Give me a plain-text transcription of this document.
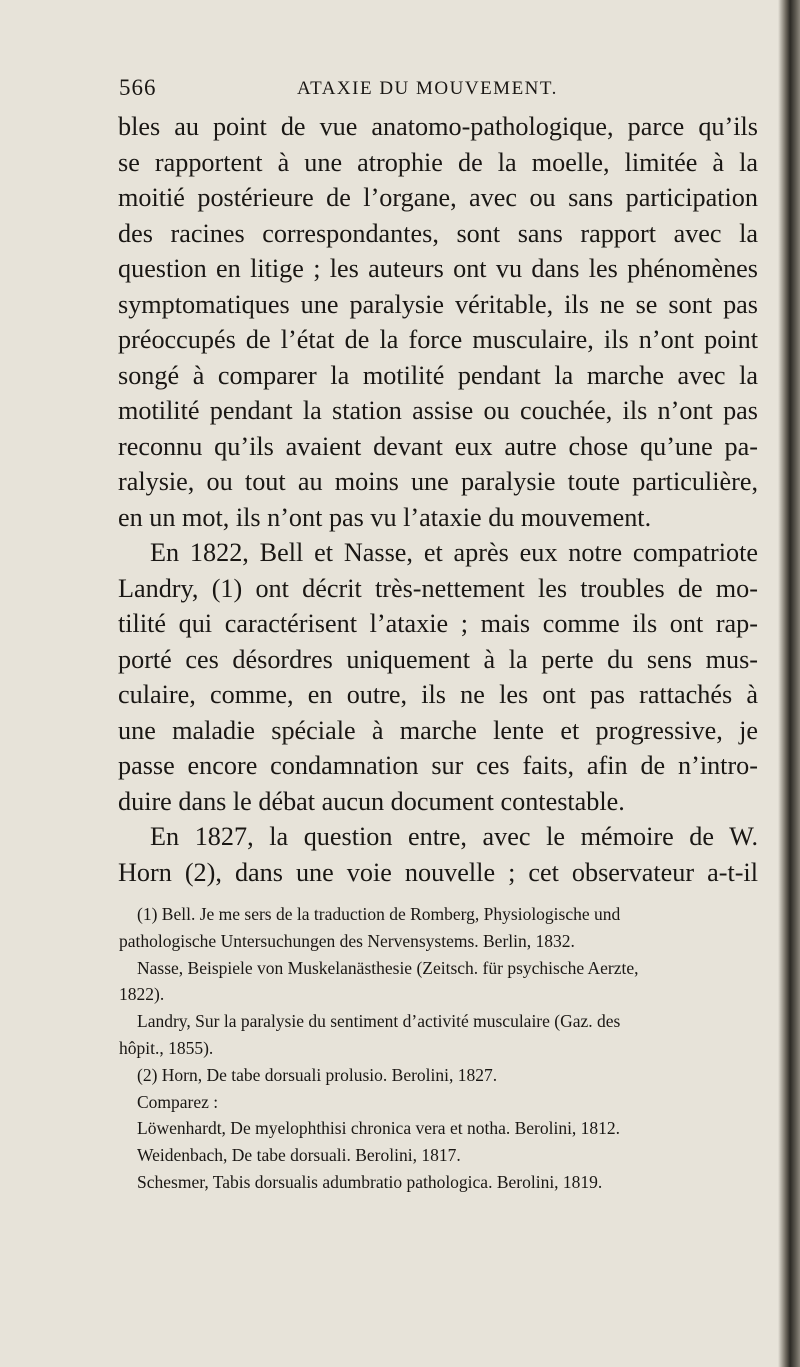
566	ATAXIE DU MOUVEMENT.
bles au point de vue anatomo-pathologique, parce qu’ils
se rapportent à une atrophie de la moelle, limitée à la
moitié postérieure de l’organe, avec ou sans participation
des racines correspondantes, sont sans rapport avec la
question en litige ; les auteurs ont vu dans les phénomènes
symptomatiques une paralysie véritable, ils ne se sont pas
préoccupés de l’état de la force musculaire, ils n’ont point
songé à comparer la motilité pendant la marche avec la
motilité pendant la station assise ou couchée, ils n’ont pas
reconnu qu’ils avaient devant eux autre chose qu’une pa-
ralysie, ou tout au moins une paralysie toute particulière,
en un mot, ils n’ont pas vu l’ataxie du mouvement.
En 1822, Bell et Nasse, et après eux notre compatriote
Landry, (1) ont décrit très-nettement les troubles de mo-
tilité qui caractérisent l’ataxie ; mais comme ils ont rap-
porté ces désordres uniquement à la perte du sens mus-
culaire, comme, en outre, ils ne les ont pas rattachés à
une maladie spéciale à marche lente et progressive, je
passe encore condamnation sur ces faits, afin de n’intro-
duire dans le débat aucun document contestable.
En 1827, la question entre, avec le mémoire de W.
Horn (2), dans une voie nouvelle ; cet observateur a-t-il
(1) Bell. Je me sers de la traduction de Romberg, Physiologische und
pathologische Untersuchungen des Nervensystems. Berlin, 1832.
Nasse, Beispiele von Muskelanästhesie (Zeitsch. für psychische Aerzte,
1822).
Landry, Sur la paralysie du sentiment d’activité musculaire (Gaz. des
hôpit., 1855).
(2) Horn, De tabe dorsuali prolusio. Berolini, 1827.
Comparez :
Löwenhardt, De myelophthisi chronica vera et notha. Berolini, 1812.
Weidenbach, De tabe dorsuali. Berolini, 1817.
Schesmer, Tabis dorsualis adumbratio pathologica. Berolini, 1819.
